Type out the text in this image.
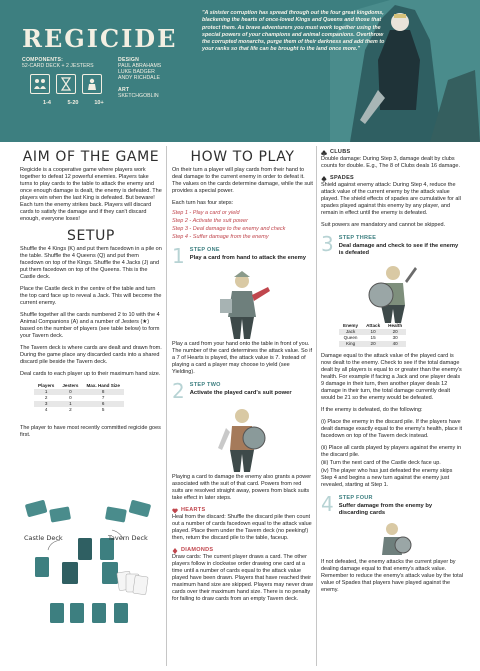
REGICIDE
COMPONENTS:
52-CARD DECK + 2 JESTERS
DESIGN
PAUL ABRAHAMS
LUKE BADGER
ANDY RICHDALE
ART
SKETCHGOBLIN
1-4	5-20	10+
"A sinister corruption has spread through out the four great kingdoms, blackening the hearts of once-loved Kings and Queens and those that protect them. As brave adventurers you must work together using the special powers of your champions and animal companions. Overthrow the corrupted monarchs, purge them of their darkness and add them to your ranks so that life can be brought to the land once more."
AIM OF THE GAME

Regicide is a cooperative game where players work together to defeat 12 powerful enemies. Players take turns to play cards to the table to attack the enemy and once enough damage is dealt, the enemy is defeated. The players win when the last King is defeated. But beware! Each turn the enemy strikes back. Players will discard cards to satisfy the damage and if they can't discard enough, everyone loses!

SETUP

Shuffle the 4 Kings (K) and put them facedown in a pile on the table. Shuffle the 4 Queens (Q) and put them facedown on top of the Kings. Shuffle the 4 Jacks (J) and put them facedown on top of the Queens. This is the Castle deck.

Place the Castle deck in the centre of the table and turn the top card face up to reveal a Jack. This will become the current enemy.

Shuffle together all the cards numbered 2 to 10 with the 4 Animal Companions (A) and a number of Jesters (★) based on the number of players (see table below) to form your Tavern deck.

The Tavern deck is where cards are dealt and drawn from. During the game place any discarded cards into a shared discard pile beside the Tavern deck.

Deal cards to each player up to their maximum hand size.

Players	Jesters	Max. Hand Size
1	0	8
2	0	7
3	1	6
4	2	5

The player to have most recently committed regicide goes first.

Castle Deck	Tavern Deck
HOW TO PLAY

On their turn a player will play cards from their hand to deal damage to the current enemy in order to defeat it. The values on the cards determine damage, while the suit provides a special power.

Each turn has four steps:

Step 1 - Play a card or yield
Step 2 - Activate the suit power
Step 3 - Deal damage to the enemy and check
Step 4 - Suffer damage from the enemy
1 STEP ONE
Play a card from hand to attack the enemy

Play a card from your hand onto the table in front of you. The number of the card determines the attack value. So if a 7 of Hearts is played, the attack value is 7. Instead of playing a card a player may choose to yield (see Yielding).

2 STEP TWO
Activate the played card's suit power

Playing a card to damage the enemy also grants a power associated with the suit of that card. Powers from red suits are resolved straight away, powers from black suits take effect in later steps.

HEARTS

Heal from the discard: Shuffle the discard pile then count out a number of cards facedown equal to the attack value played. Place them under the Tavern deck (no peeking!) then, return the discard pile to the table, faceup.

DIAMONDS

Draw cards: The current player draws a card. The other players follow in clockwise order drawing one card at a time until a number of cards equal to the attack value played have been drawn. Players that have reached their maximum hand size are skipped. Players may never draw cards over their maximum hand size. There is no penalty for failing to draw cards from an empty Tavern deck.

CLUBS

Double damage: During Step 3, damage dealt by clubs counts for double. E.g., The 8 of Clubs deals 16 damage.

SPADES

Shield against enemy attack: During Step 4, reduce the attack value of the current enemy by the attack value played. The shield effects of spades are cumulative for all spades played against this enemy by any player, and remain in effect until the enemy is defeated.

Suit powers are mandatory and cannot be skipped.

3 STEP THREE
Deal damage and check to see if the enemy is defeated
Enemy	Attack	Health
Jack	10	20
Queen	15	30
King	20	40

Damage equal to the attack value of the played card is now dealt to the enemy. Check to see if the total damage dealt by all players is equal to or greater than the enemy's health. For example if facing a Jack and one player deals 9 damage in their turn, then another player deals 12 damage in their turn, the total damage currently dealt would be 21 so the enemy would be defeated.

If the enemy is defeated, do the following:

(i) Place the enemy in the discard pile. If the players have dealt damage exactly equal to the enemy's health, place it facedown on top of the Tavern deck instead.

(ii) Place all cards played by players against the enemy in the discard pile.

(iii) Turn the next card of the Castle deck face up.

(iv) The player who has just defeated the enemy skips Step 4 and begins a new turn against the enemy just revealed, starting at Step 1.

4 STEP FOUR
Suffer damage from the enemy by discarding cards

If not defeated, the enemy attacks the current player by dealing damage equal to that enemy's attack value. Remember to reduce the enemy's attack value by the total value of Spades that players have played against the enemy.
